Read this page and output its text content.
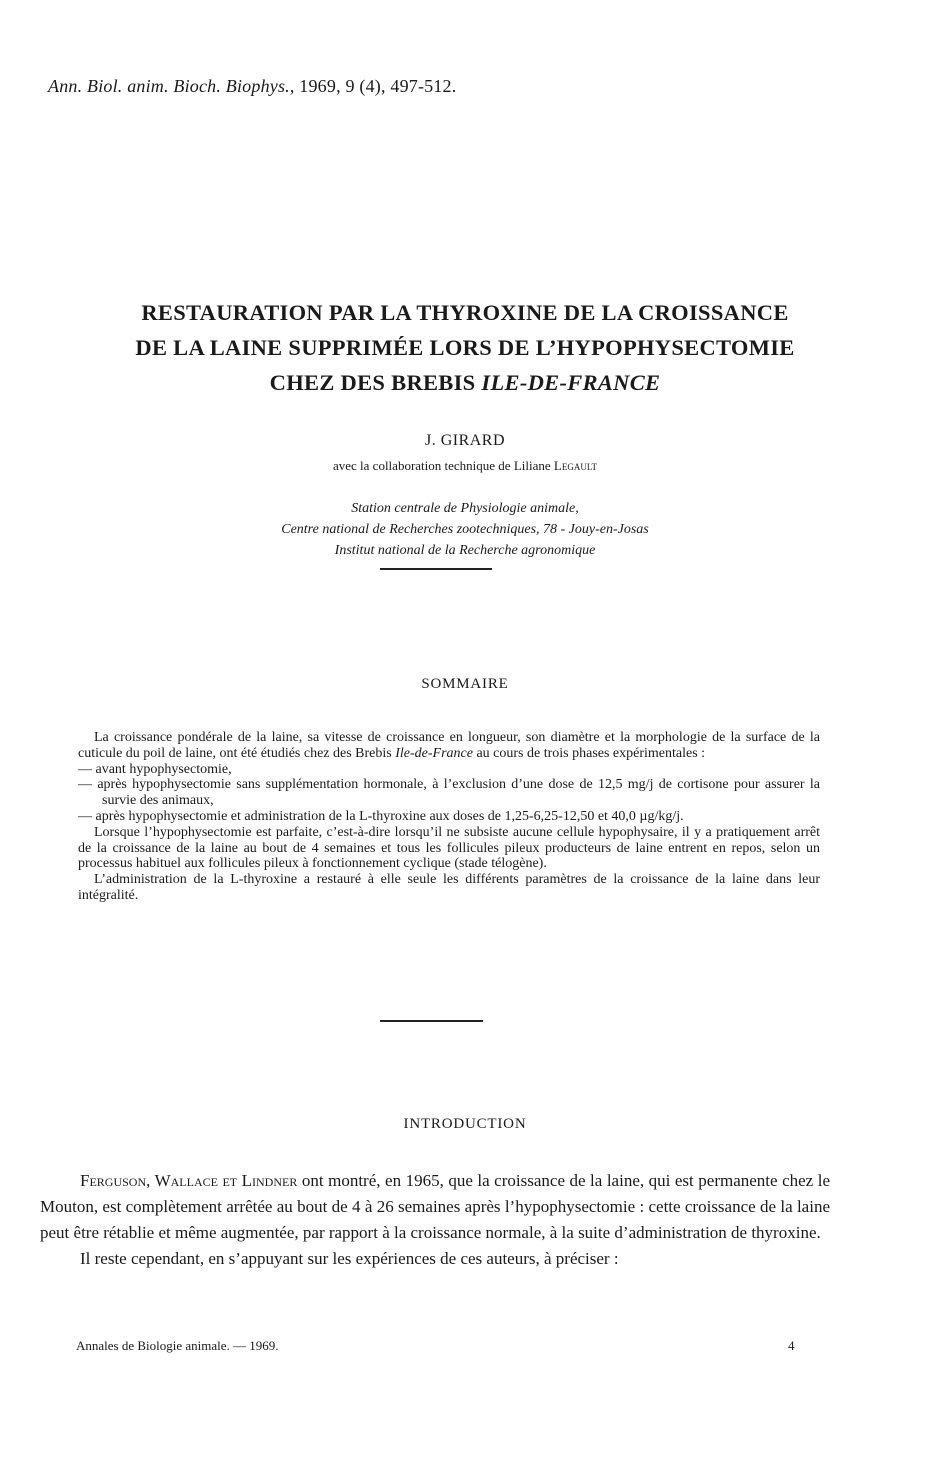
Ann. Biol. anim. Bioch. Biophys., 1969, 9 (4), 497-512.
RESTAURATION PAR LA THYROXINE DE LA CROISSANCE
DE LA LAINE SUPPRIMÉE LORS DE L’HYPOPHYSECTOMIE
CHEZ DES BREBIS ILE-DE-FRANCE
J. GIRARD
avec la collaboration technique de Liliane Legault
Station centrale de Physiologie animale,
Centre national de Recherches zootechniques, 78 - Jouy-en-Josas
Institut national de la Recherche agronomique
SOMMAIRE

La croissance pondérale de la laine, sa vitesse de croissance en longueur, son diamètre et la morphologie de la surface de la cuticule du poil de laine, ont été étudiés chez des Brebis Ile-de-France au cours de trois phases expérimentales :

— avant hypophysectomie,

— après hypophysectomie sans supplémentation hormonale, à l’exclusion d’une dose de 12,5 mg/j de cortisone pour assurer la survie des animaux,

— après hypophysectomie et administration de la L-thyroxine aux doses de 1,25-6,25-12,50 et 40,0 µg/kg/j.

Lorsque l’hypophysectomie est parfaite, c’est-à-dire lorsqu’il ne subsiste aucune cellule hypophysaire, il y a pratiquement arrêt de la croissance de la laine au bout de 4 semaines et tous les follicules pileux producteurs de laine entrent en repos, selon un processus habituel aux follicules pileux à fonctionnement cyclique (stade télogène).

L’administration de la L-thyroxine a restauré à elle seule les différents paramètres de la croissance de la laine dans leur intégralité.

INTRODUCTION

Ferguson, Wallace et Lindner ont montré, en 1965, que la croissance de la laine, qui est permanente chez le Mouton, est complètement arrêtée au bout de 4 à 26 semaines après l’hypophysectomie : cette croissance de la laine peut être rétablie et même augmentée, par rapport à la croissance normale, à la suite d’administration de thyroxine.

Il reste cependant, en s’appuyant sur les expériences de ces auteurs, à préciser :

Annales de Biologie animale. — 1969.	4
